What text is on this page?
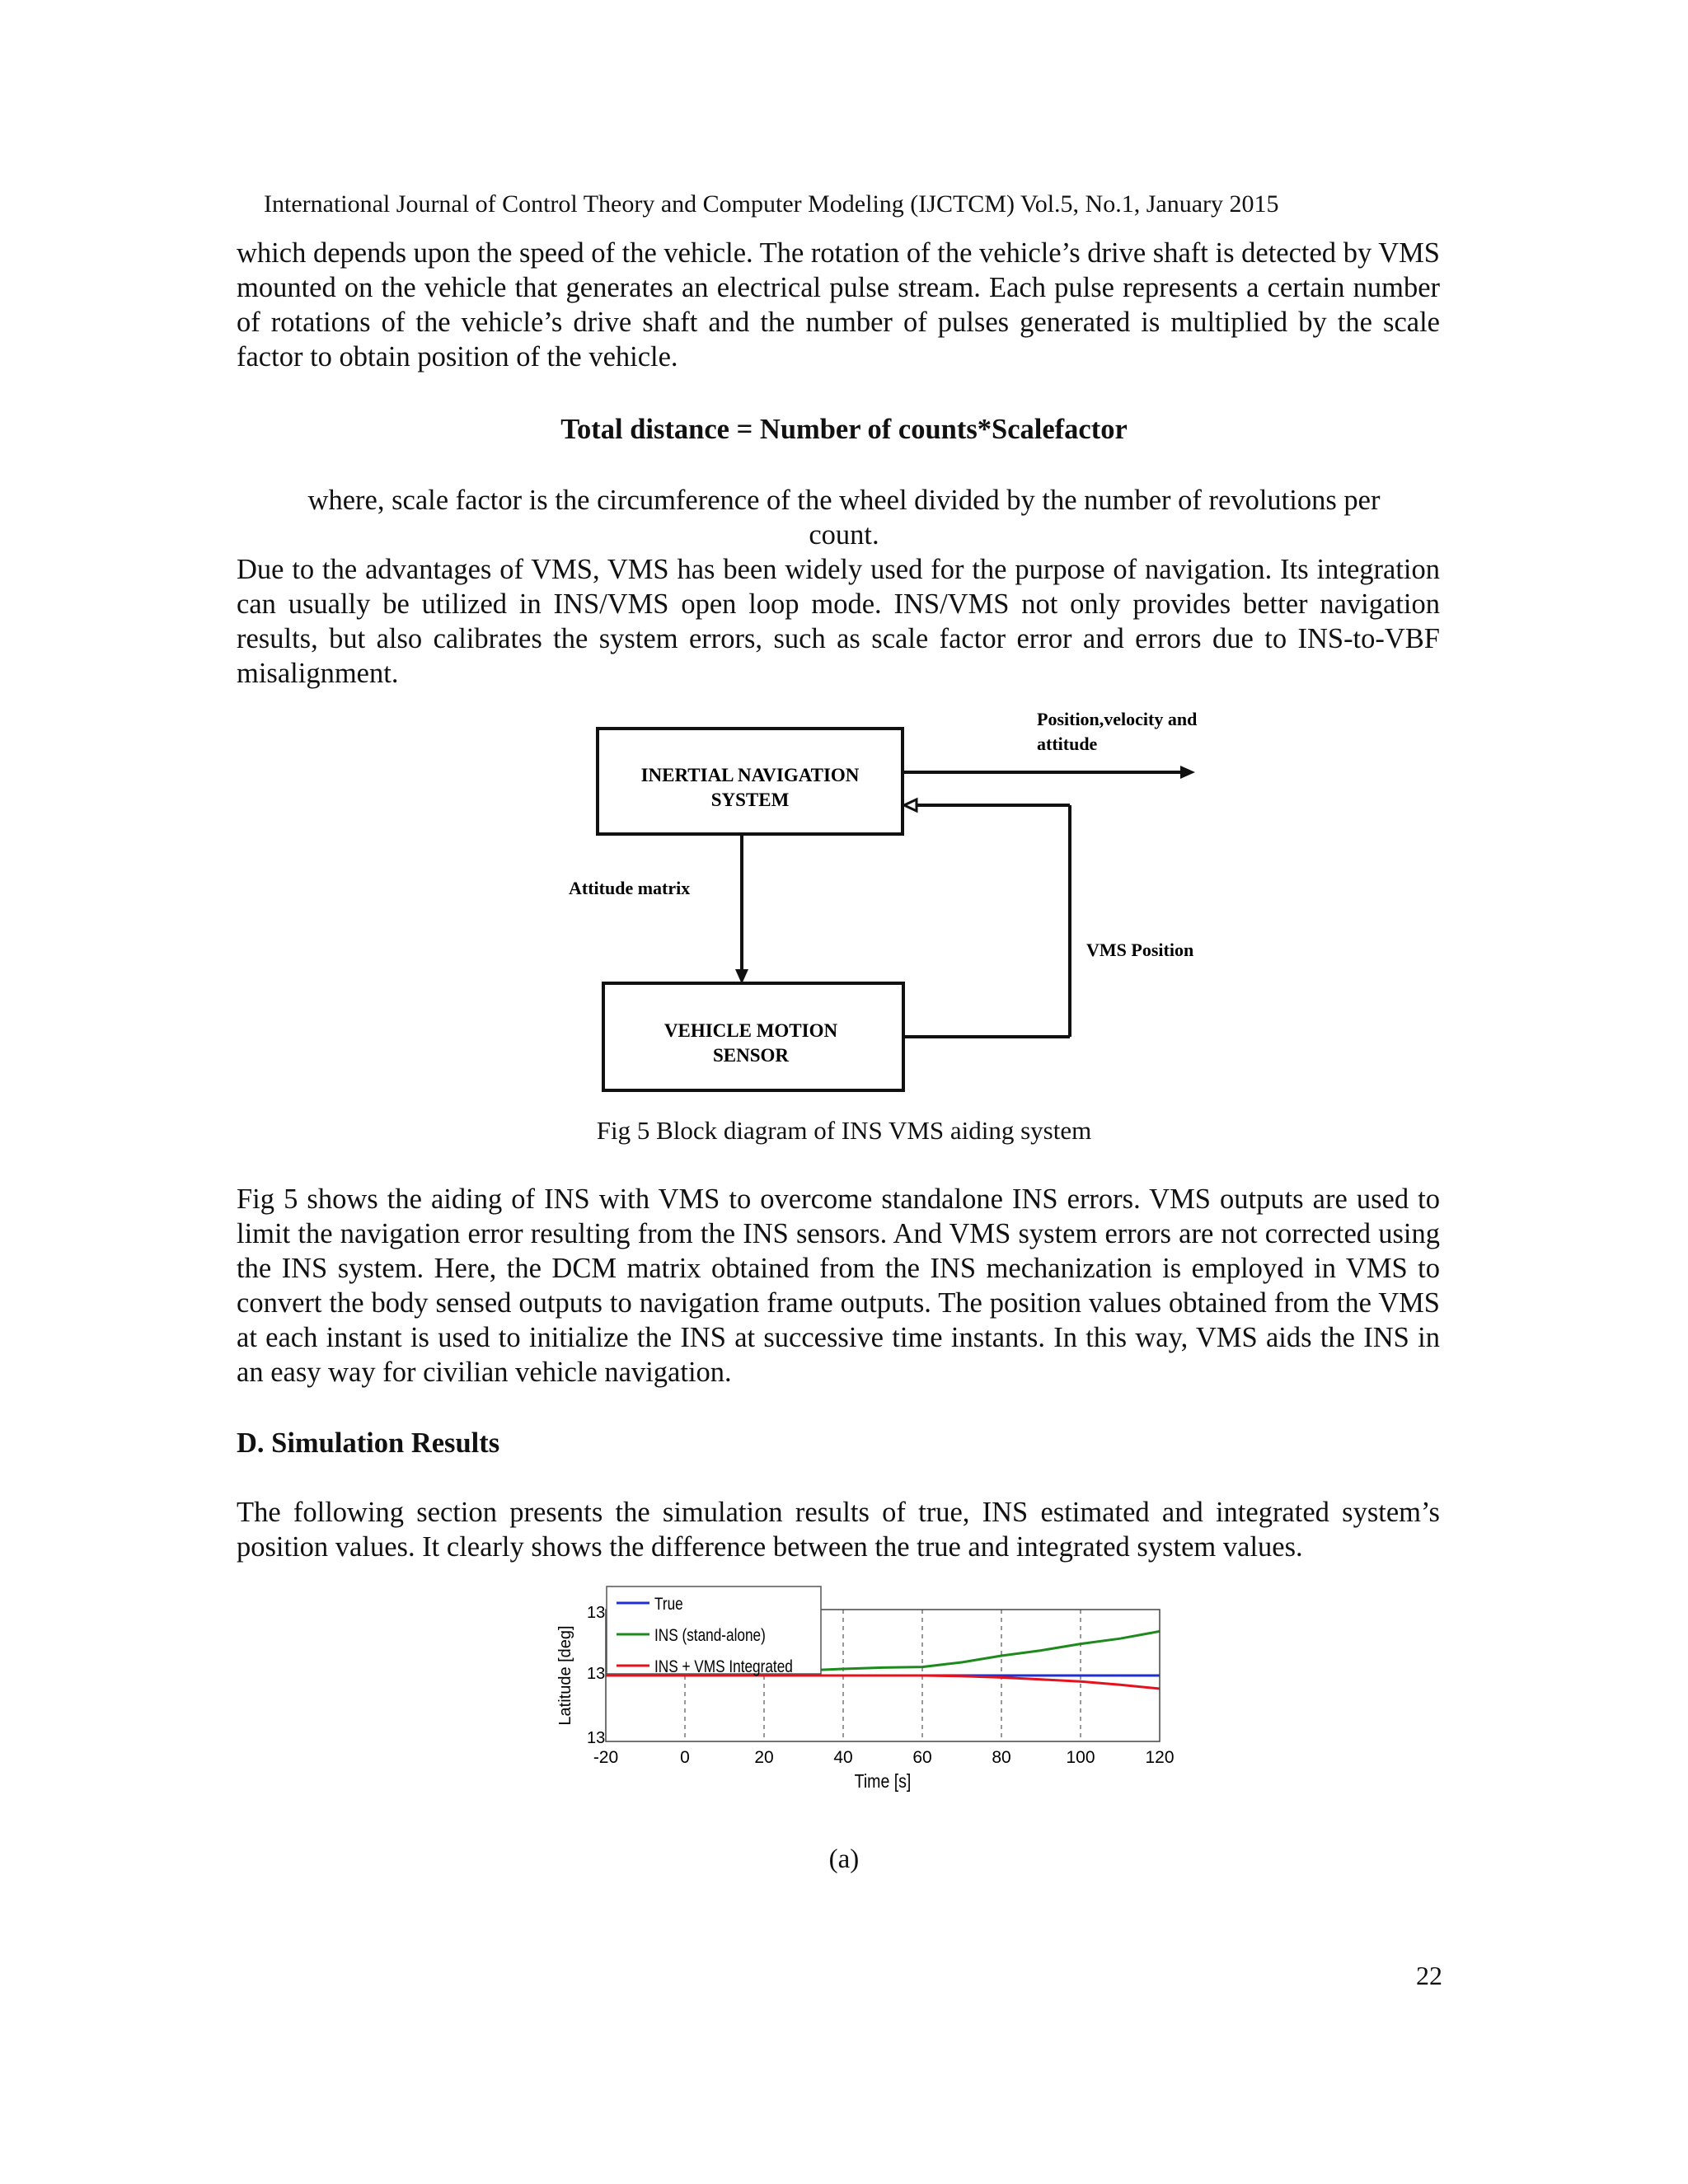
International Journal of Control Theory and Computer Modeling (IJCTCM) Vol.5, No.1, January 2015
which depends upon the speed of the vehicle. The rotation of the vehicle’s drive shaft is detected by VMS mounted on the vehicle that generates an electrical pulse stream. Each pulse represents a certain number of rotations of the vehicle’s drive shaft and the number of pulses generated is multiplied by the scale factor to obtain position of the vehicle.
Total distance = Number of counts*Scalefactor
where, scale factor is the circumference of the wheel divided by the number of revolutions per
count.
Due to the advantages of VMS, VMS has been widely used for the purpose of navigation. Its integration can usually be utilized in INS/VMS open loop mode. INS/VMS not only provides better navigation results, but also calibrates the system errors, such as scale factor error and errors due to INS-to-VBF misalignment.
INERTIAL NAVIGATION
SYSTEM
VEHICLE MOTION
SENSOR
Position,velocity and
attitude
Attitude matrix
VMS Position
Fig 5 Block diagram of INS VMS aiding system
Fig 5 shows the aiding of INS with VMS to overcome standalone INS errors. VMS outputs are used to limit the navigation error resulting from the INS sensors. And VMS system errors are not corrected using the INS system. Here, the DCM matrix obtained from the INS mechanization is employed in VMS to convert the body sensed outputs to navigation frame outputs. The position values obtained from the VMS at each instant is used to initialize the INS at successive time instants. In this way, VMS aids the INS in an easy way for civilian vehicle navigation.
D. Simulation Results
The following section presents the simulation results of true, INS estimated and integrated system’s position values. It clearly shows the difference between the true and integrated system values.
-20	0	20	40	60	80	100	120
13
13
13
Time [s]
Latitude [deg]
True
INS (stand-alone)
INS + VMS Integrated
(a)
22
